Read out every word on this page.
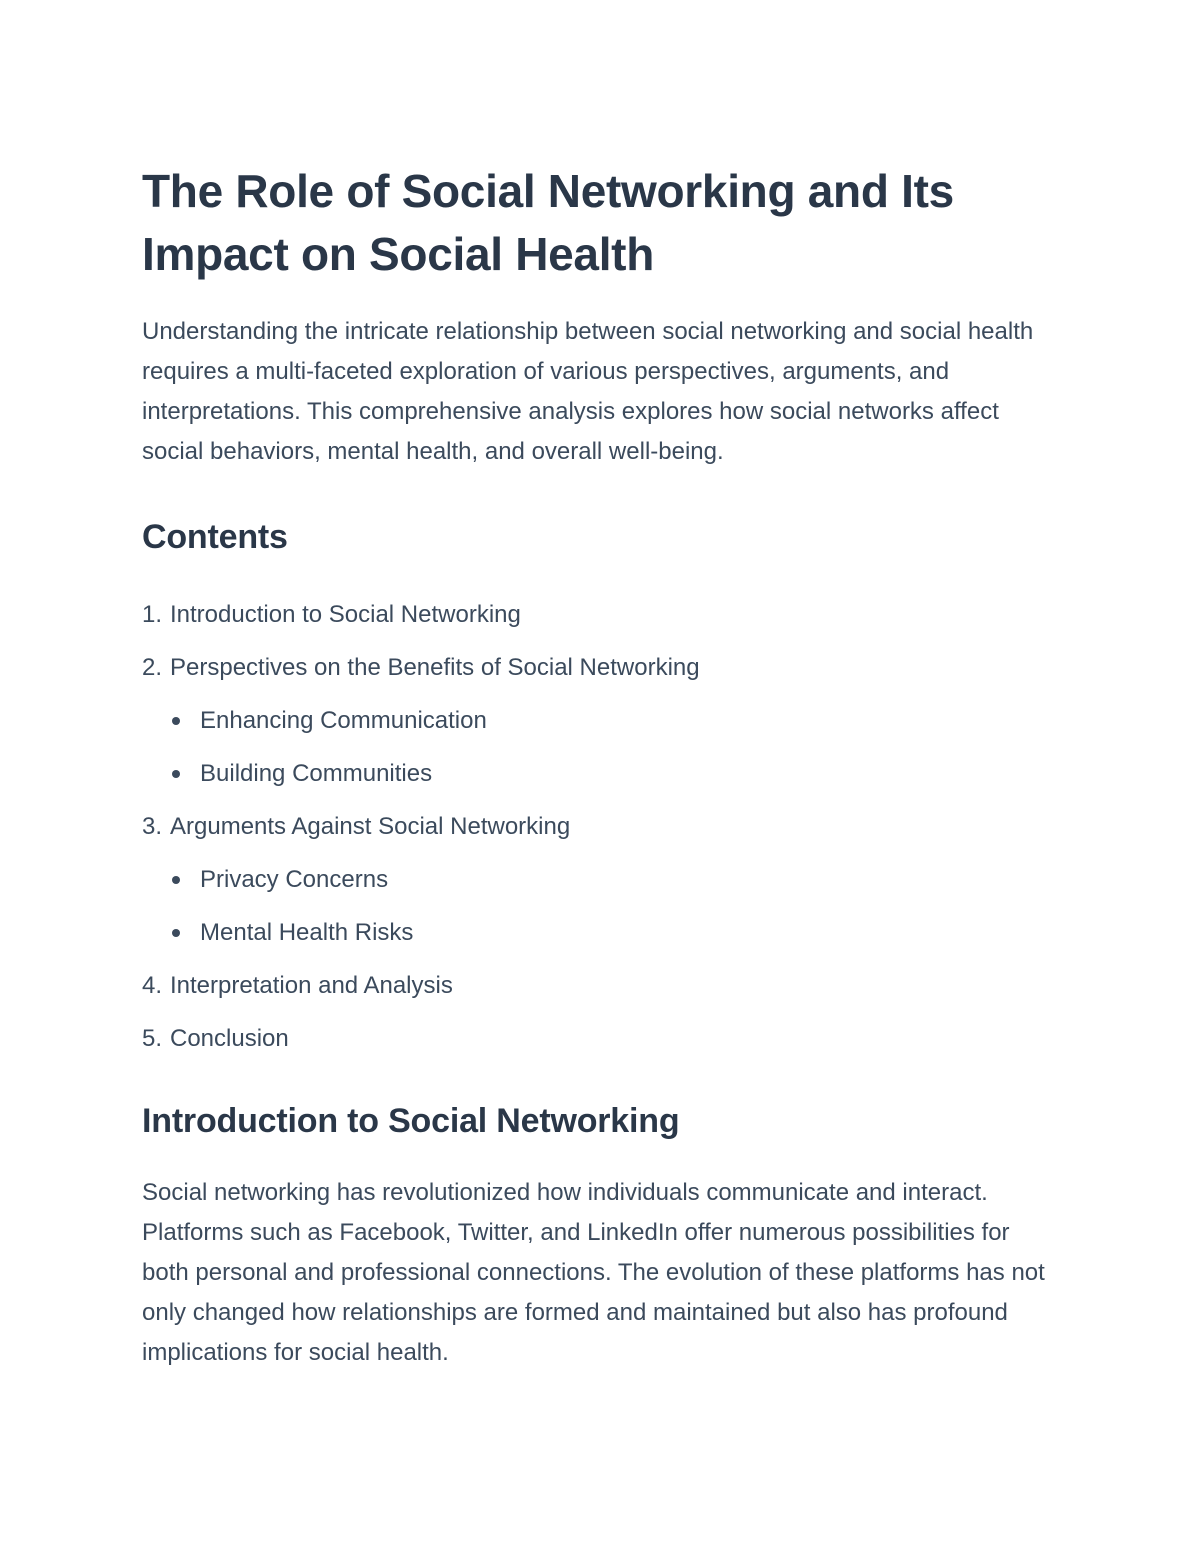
The Role of Social Networking and Its Impact on Social Health

Understanding the intricate relationship between social networking and social health requires a multi-faceted exploration of various perspectives, arguments, and interpretations. This comprehensive analysis explores how social networks affect social behaviors, mental health, and overall well-being.

Contents
1. Introduction to Social Networking
2. Perspectives on the Benefits of Social Networking
Enhancing Communication
Building Communities
3. Arguments Against Social Networking
Privacy Concerns
Mental Health Risks
4. Interpretation and Analysis
5. Conclusion
Introduction to Social Networking

Social networking has revolutionized how individuals communicate and interact. Platforms such as Facebook, Twitter, and LinkedIn offer numerous possibilities for both personal and professional connections. The evolution of these platforms has not only changed how relationships are formed and maintained but also has profound implications for social health.
